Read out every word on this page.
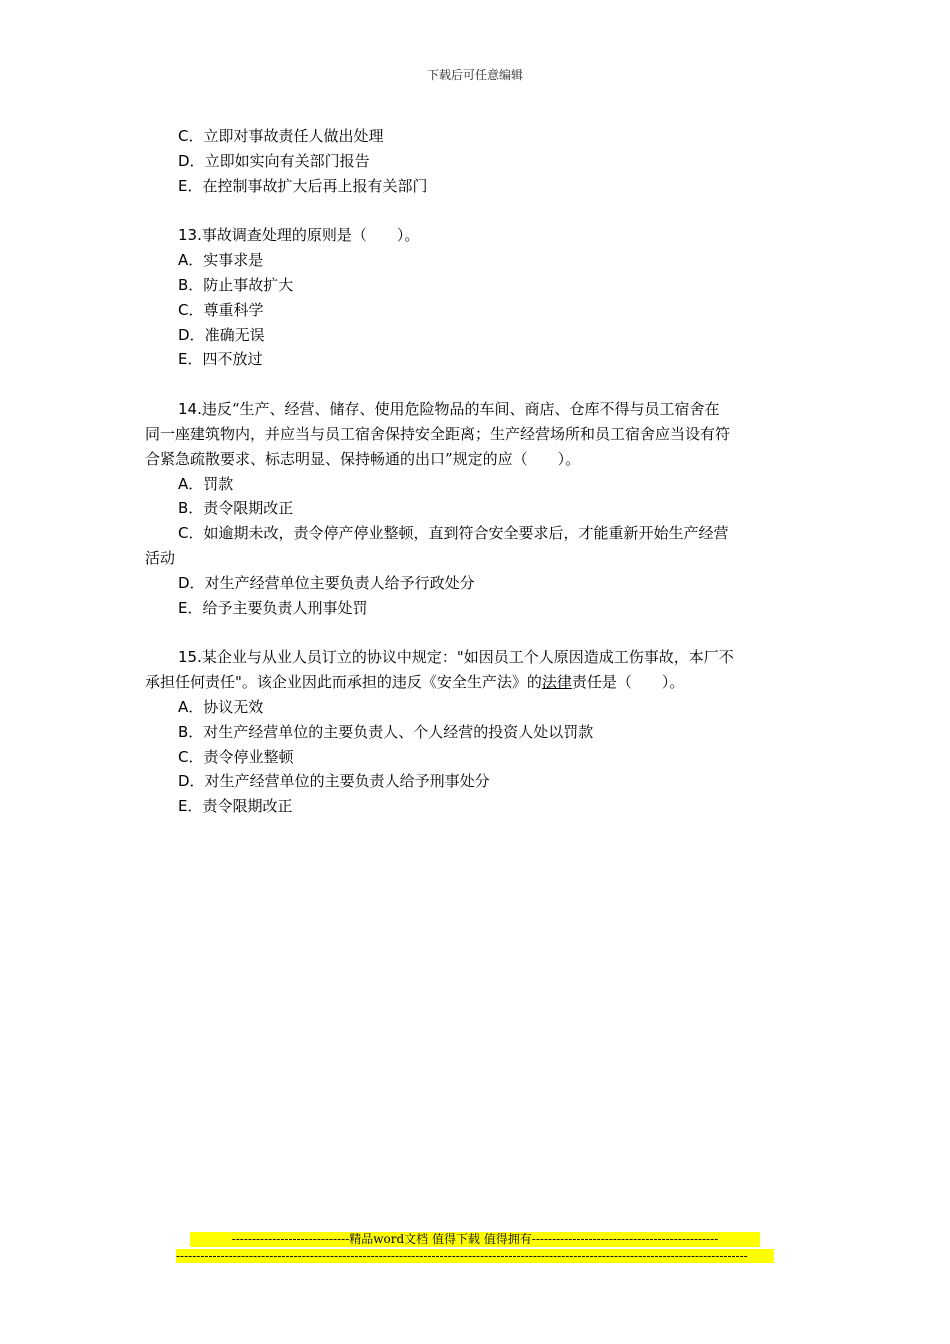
下载后可任意编辑
C．立即对事故责任人做出处理
D．立即如实向有关部门报告
E．在控制事故扩大后再上报有关部门
13.事故调查处理的原则是（　　）。
A．实事求是
B．防止事故扩大
C．尊重科学
D．准确无误
E．四不放过
14.违反“生产、经营、储存、使用危险物品的车间、商店、仓库不得与员工宿舍在
同一座建筑物内，并应当与员工宿舍保持安全距离；生产经营场所和员工宿舍应当设有符
合紧急疏散要求、标志明显、保持畅通的出口”规定的应（　　）。
A．罚款
B．责令限期改正
C．如逾期未改，责令停产停业整顿，直到符合安全要求后，才能重新开始生产经营
活动
D．对生产经营单位主要负责人给予行政处分
E．给予主要负责人刑事处罚
15.某企业与从业人员订立的协议中规定："如因员工个人原因造成工伤事故，本厂不
承担任何责任"。该企业因此而承担的违反《安全生产法》的法律责任是（　　）。
A．协议无效
B．对生产经营单位的主要负责人、个人经营的投资人处以罚款
C．责令停业整顿
D．对生产经营单位的主要负责人给予刑事处分
E．责令限期改正
-----------------------------精品word文档 值得下载 值得拥有----------------------------------------------
---------------------------------------------------------------------------------------------------------------------------------------------
